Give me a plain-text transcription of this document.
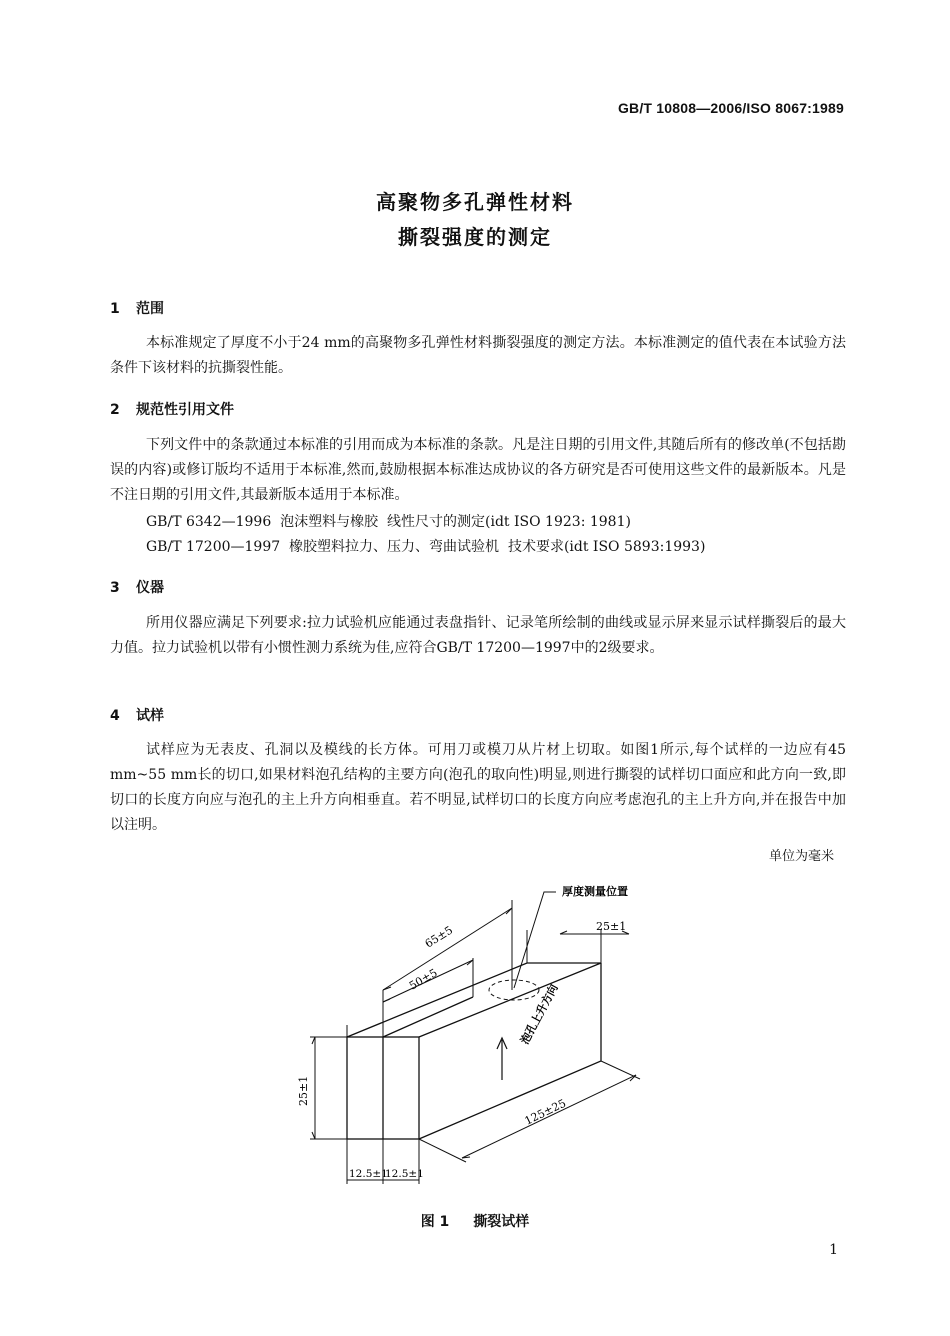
GB/T 10808—2006/ISO 8067:1989
高聚物多孔弹性材料
撕裂强度的测定
1 范围
本标准规定了厚度不小于24 mm的高聚物多孔弹性材料撕裂强度的测定方法。本标准测定的值代表在本试验方法条件下该材料的抗撕裂性能。
2 规范性引用文件
下列文件中的条款通过本标准的引用而成为本标准的条款。凡是注日期的引用文件,其随后所有的修改单(不包括勘误的内容)或修订版均不适用于本标准,然而,鼓励根据本标准达成协议的各方研究是否可使用这些文件的最新版本。凡是不注日期的引用文件,其最新版本适用于本标准。
GB/T 6342—1996  泡沫塑料与橡胶  线性尺寸的测定(idt ISO 1923: 1981)
GB/T 17200—1997  橡胶塑料拉力、压力、弯曲试验机  技术要求(idt ISO 5893:1993)
3 仪器
所用仪器应满足下列要求:拉力试验机应能通过表盘指针、记录笔所绘制的曲线或显示屏来显示试样撕裂后的最大力值。拉力试验机以带有小惯性测力系统为佳,应符合GB/T 17200—1997中的2级要求。
4 试样
试样应为无表皮、孔洞以及模线的长方体。可用刀或模刀从片材上切取。如图1所示,每个试样的一边应有45 mm~55 mm长的切口,如果材料泡孔结构的主要方向(泡孔的取向性)明显,则进行撕裂的试样切口面应和此方向一致,即切口的长度方向应与泡孔的主上升方向相垂直。若不明显,试样切口的长度方向应考虑泡孔的主上升方向,并在报告中加以注明。
单位为毫米
厚度测量位置
25±1
65±5
50±5
泡孔上升方向
125±25
25±1
12.5±1
12.5±1
图 1 撕裂试样
1
